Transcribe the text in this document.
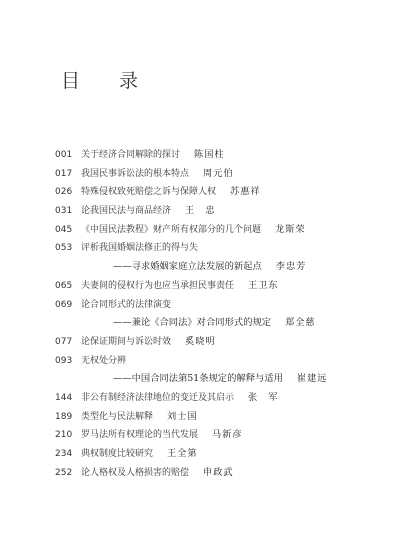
目　录
001 关于经济合同解除的探讨 陈国柱
017 我国民事诉讼法的根本特点 周元伯
026 特殊侵权致死赔偿之诉与保障人权 苏惠祥
031 论我国民法与商品经济 王　忠
045 《中国民法教程》财产所有权部分的几个问题 龙斯荣
053 评析我国婚姻法修正的得与失
——寻求婚姻家庭立法发展的新起点 李忠芳
065 夫妻间的侵权行为也应当承担民事责任 王卫东
069 论合同形式的法律演变
——兼论《合同法》对合同形式的规定 郑全慈
077 论保证期间与诉讼时效 奚晓明
093 无权处分辨
——中国合同法第51条规定的解释与适用 崔建远
144 非公有制经济法律地位的变迁及其启示 张　军
189 类型化与民法解释 刘士国
210 罗马法所有权理论的当代发展 马新彦
234 典权制度比较研究 王全第
252 论人格权及人格损害的赔偿 申政武
